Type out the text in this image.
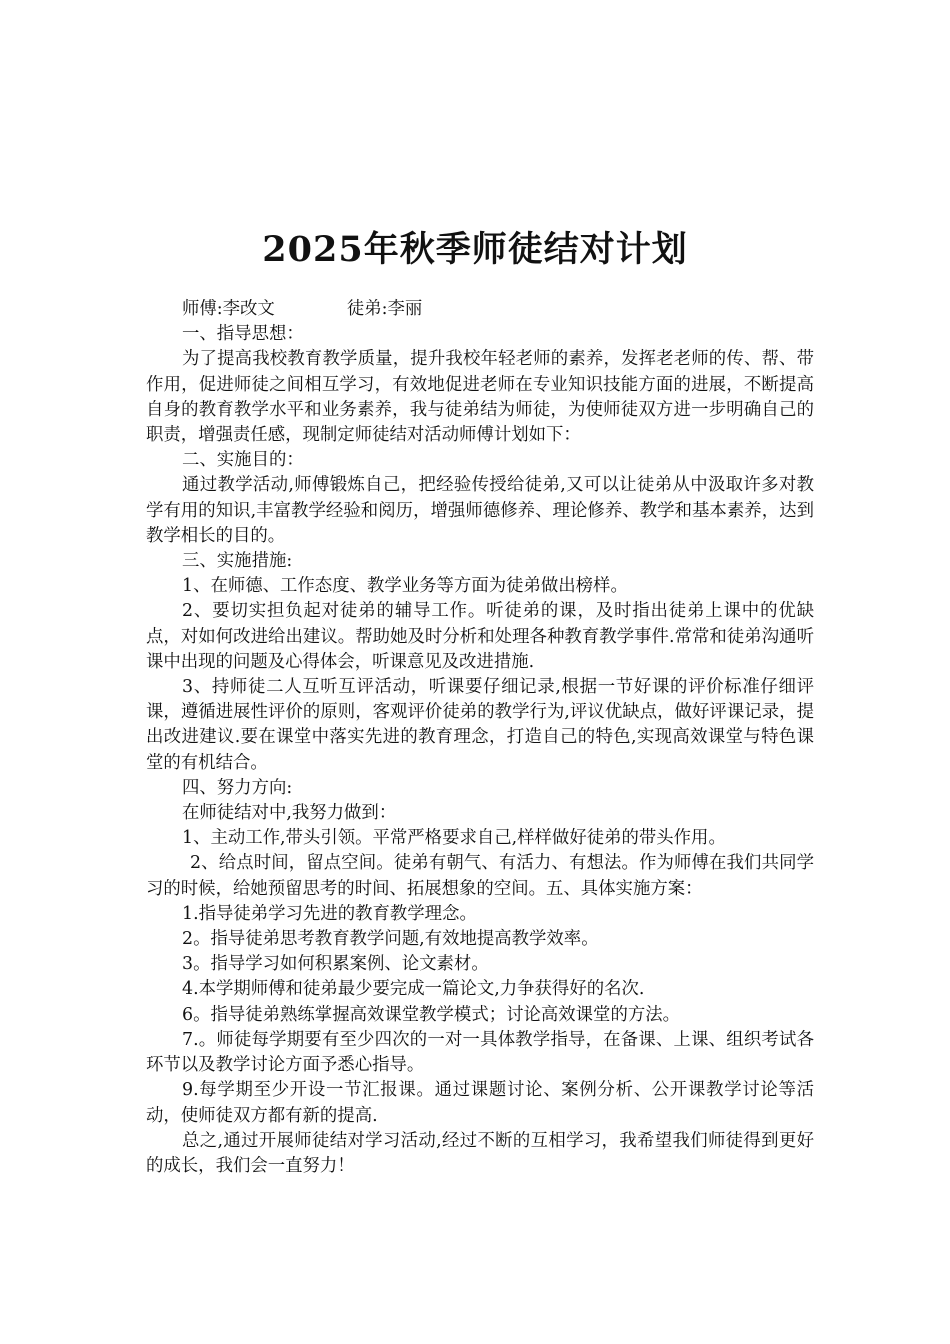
2025年秋季师徒结对计划
师傅:李改文	徒弟:李丽

一、指导思想：

为了提高我校教育教学质量，提升我校年轻老师的素养，发挥老老师的传、帮、带作用，促进师徒之间相互学习，有效地促进老师在专业知识技能方面的进展，不断提高自身的教育教学水平和业务素养，我与徒弟结为师徒，为使师徒双方进一步明确自己的职责，增强责任感，现制定师徒结对活动师傅计划如下：

二、实施目的：

通过教学活动,师傅锻炼自己，把经验传授给徒弟,又可以让徒弟从中汲取许多对教学有用的知识,丰富教学经验和阅历，增强师德修养、理论修养、教学和基本素养，达到教学相长的目的。

三、实施措施:

1、在师德、工作态度、教学业务等方面为徒弟做出榜样。

2、要切实担负起对徒弟的辅导工作。听徒弟的课，及时指出徒弟上课中的优缺点，对如何改进给出建议。帮助她及时分析和处理各种教育教学事件.常常和徒弟沟通听课中出现的问题及心得体会，听课意见及改进措施.

3、持师徒二人互听互评活动，听课要仔细记录,根据一节好课的评价标准仔细评课，遵循进展性评价的原则，客观评价徒弟的教学行为,评议优缺点，做好评课记录，提出改进建议.要在课堂中落实先进的教育理念，打造自己的特色,实现高效课堂与特色课堂的有机结合。

四、努力方向:

在师徒结对中,我努力做到：

1、主动工作,带头引领。平常严格要求自己,样样做好徒弟的带头作用。

2、给点时间，留点空间。徒弟有朝气、有活力、有想法。作为师傅在我们共同学习的时候，给她预留思考的时间、拓展想象的空间。五、具体实施方案：

1.指导徒弟学习先进的教育教学理念。

2。指导徒弟思考教育教学问题,有效地提高教学效率。

3。指导学习如何积累案例、论文素材。

4.本学期师傅和徒弟最少要完成一篇论文,力争获得好的名次.

6。指导徒弟熟练掌握高效课堂教学模式；讨论高效课堂的方法。

7.。师徒每学期要有至少四次的一对一具体教学指导，在备课、上课、组织考试各环节以及教学讨论方面予悉心指导。

9.每学期至少开设一节汇报课。通过课题讨论、案例分析、公开课教学讨论等活动，使师徒双方都有新的提高.

总之,通过开展师徒结对学习活动,经过不断的互相学习，我希望我们师徒得到更好的成长，我们会一直努力！
